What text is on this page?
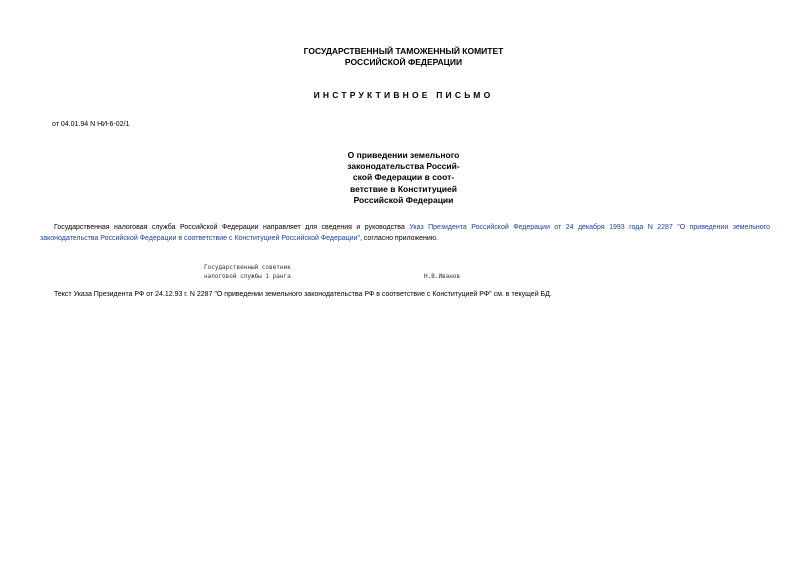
ГОСУДАРСТВЕННЫЙ ТАМОЖЕННЫЙ КОМИТЕТ
РОССИЙСКОЙ ФЕДЕРАЦИИ
ИНСТРУКТИВНОЕ ПИСЬМО
от 04.01.94 N НИ-6-02/1
О приведении земельного
законодательства Россий-
ской Федерации в соот-
ветствие в Конституцией
Российской Федерации
Государственная налоговая служба Российской Федерации направляет для сведения и руководства Указ Президента Российской Федерации от 24 декабря 1993 года N 2287 "О приведении земельного законодательства Российской Федерации в соответствие с Конституцией Российской Федерации", согласно приложению.
Государственный советник
налоговой службы 1 ранга	Н.В.Иванов
Текст Указа Президента РФ от 24.12.93 г. N 2287 "О приведении земельного законодательства РФ в соответствие с Конституцией РФ" см. в текущей БД.
